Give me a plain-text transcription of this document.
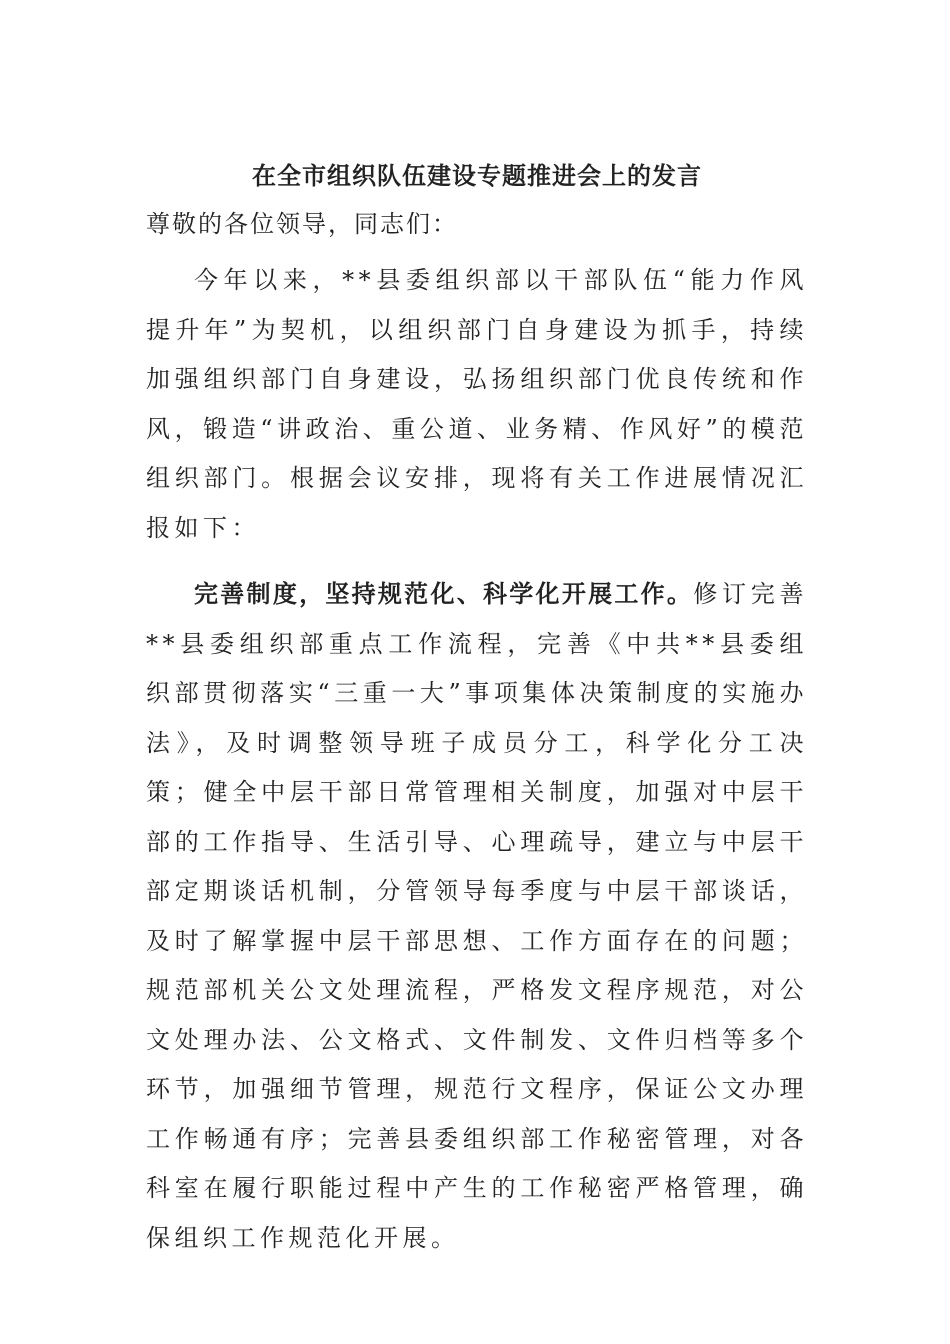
在全市组织队伍建设专题推进会上的发言

尊敬的各位领导，同志们：

今年以来，**县委组织部以干部队伍“能力作风提升年”为契机，以组织部门自身建设为抓手，持续加强组织部门自身建设，弘扬组织部门优良传统和作风，锻造“讲政治、重公道、业务精、作风好”的模范组织部门。根据会议安排，现将有关工作进展情况汇报如下：

完善制度，坚持规范化、科学化开展工作。修订完善**县委组织部重点工作流程，完善《中共**县委组织部贯彻落实“三重一大”事项集体决策制度的实施办法》，及时调整领导班子成员分工，科学化分工决策；健全中层干部日常管理相关制度，加强对中层干部的工作指导、生活引导、心理疏导，建立与中层干部定期谈话机制，分管领导每季度与中层干部谈话，及时了解掌握中层干部思想、工作方面存在的问题；规范部机关公文处理流程，严格发文程序规范，对公文处理办法、公文格式、文件制发、文件归档等多个环节，加强细节管理，规范行文程序，保证公文办理工作畅通有序；完善县委组织部工作秘密管理，对各科室在履行职能过程中产生的工作秘密严格管理，确保组织工作规范化开展。
